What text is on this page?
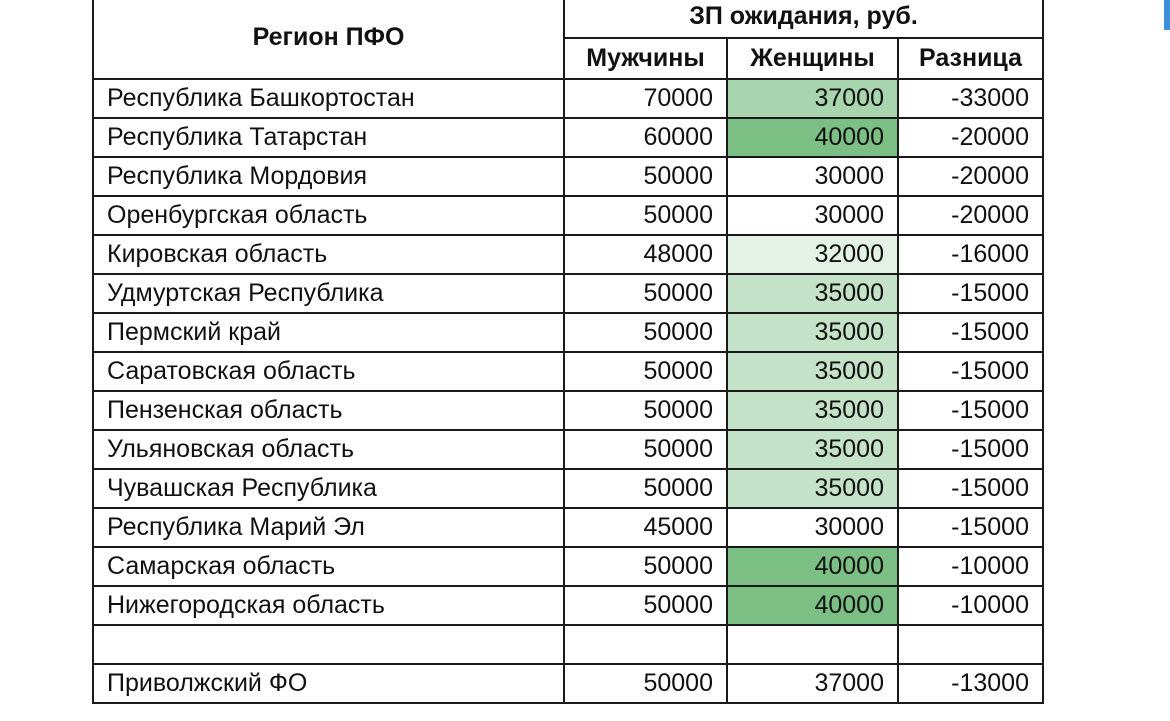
Регион ПФО	ЗП ожидания, руб.		
	Мужчины	Женщины	Разница
Республика Башкортостан	70000	37000	-33000
Республика Татарстан	60000	40000	-20000
Республика Мордовия	50000	30000	-20000
Оренбургская область	50000	30000	-20000
Кировская область	48000	32000	-16000
Удмуртская Республика	50000	35000	-15000
Пермский край	50000	35000	-15000
Саратовская область	50000	35000	-15000
Пензенская область	50000	35000	-15000
Ульяновская область	50000	35000	-15000
Чувашская Республика	50000	35000	-15000
Республика Марий Эл	45000	30000	-15000
Самарская область	50000	40000	-10000
Нижегородская область	50000	40000	-10000

Приволжский ФО	50000	37000	-13000
